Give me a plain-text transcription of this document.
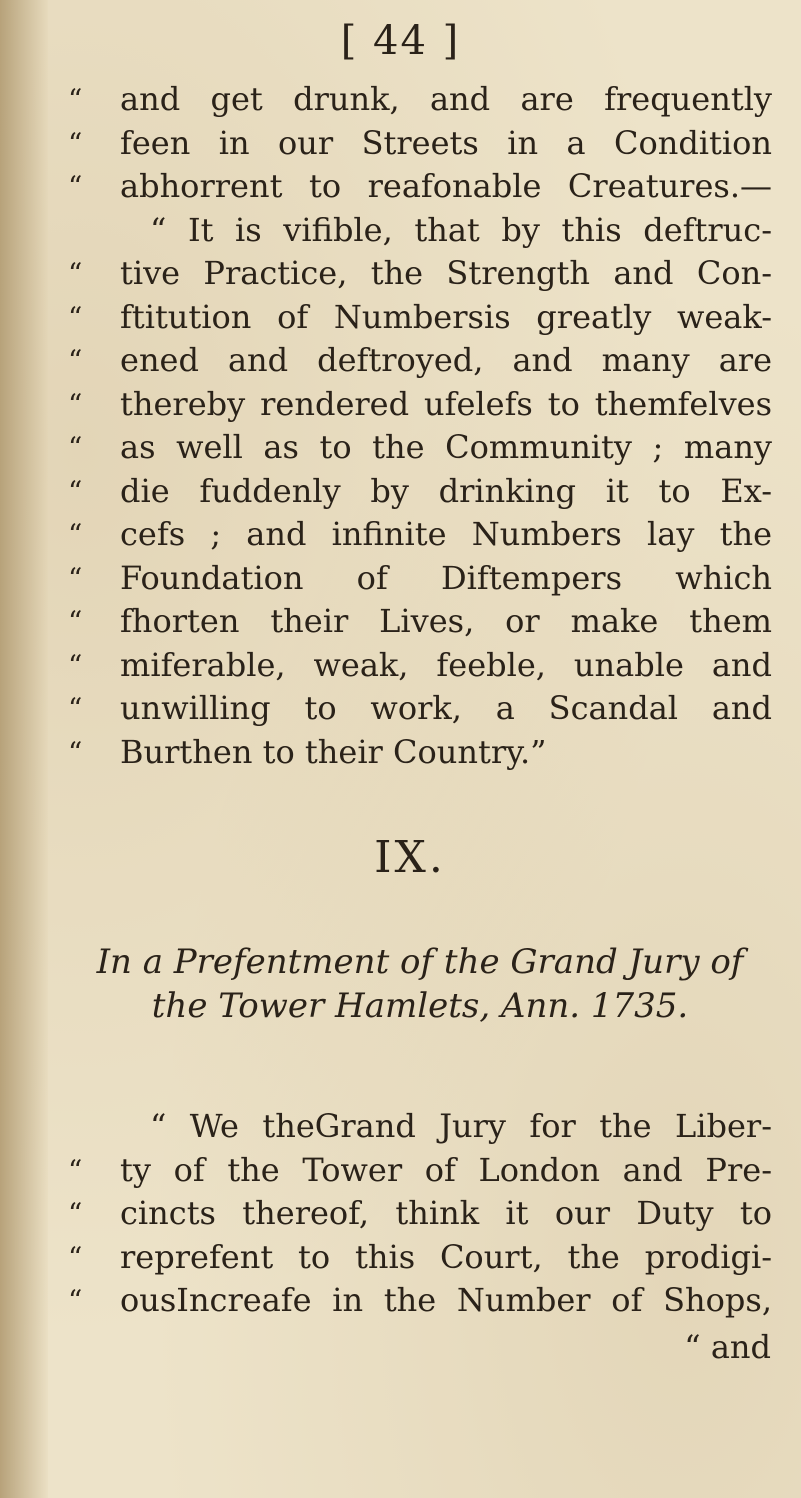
[ 44 ]
“ and get drunk, and are frequently
“ feen in our Streets in a Condition
“ abhorrent to reafonable Creatures.—
“ It is vifible, that by this deftruc-
“ tive Practice, the Strength and Con-
“ ftitution of Numbersis greatly weak-
“ ened and deftroyed, and many are
“ thereby rendered ufelefs to themfelves
“ as well as to the Community ; many
“ die fuddenly by drinking it to Ex-
“ cefs ; and infinite Numbers lay the
“ Foundation of Diftempers which
“ fhorten their Lives, or make them
“ miferable, weak, feeble, unable and
“ unwilling to work, a Scandal and
“ Burthen to their Country.”
IX.
In a Prefentment of the Grand Jury of
the Tower Hamlets, Ann. 1735.
“ We theGrand Jury for the Liber-
“ ty of the Tower of London and Pre-
“ cincts thereof, think it our Duty to
“ reprefent to this Court, the prodigi-
“ ousIncreafe in the Number of Shops,
“ and
